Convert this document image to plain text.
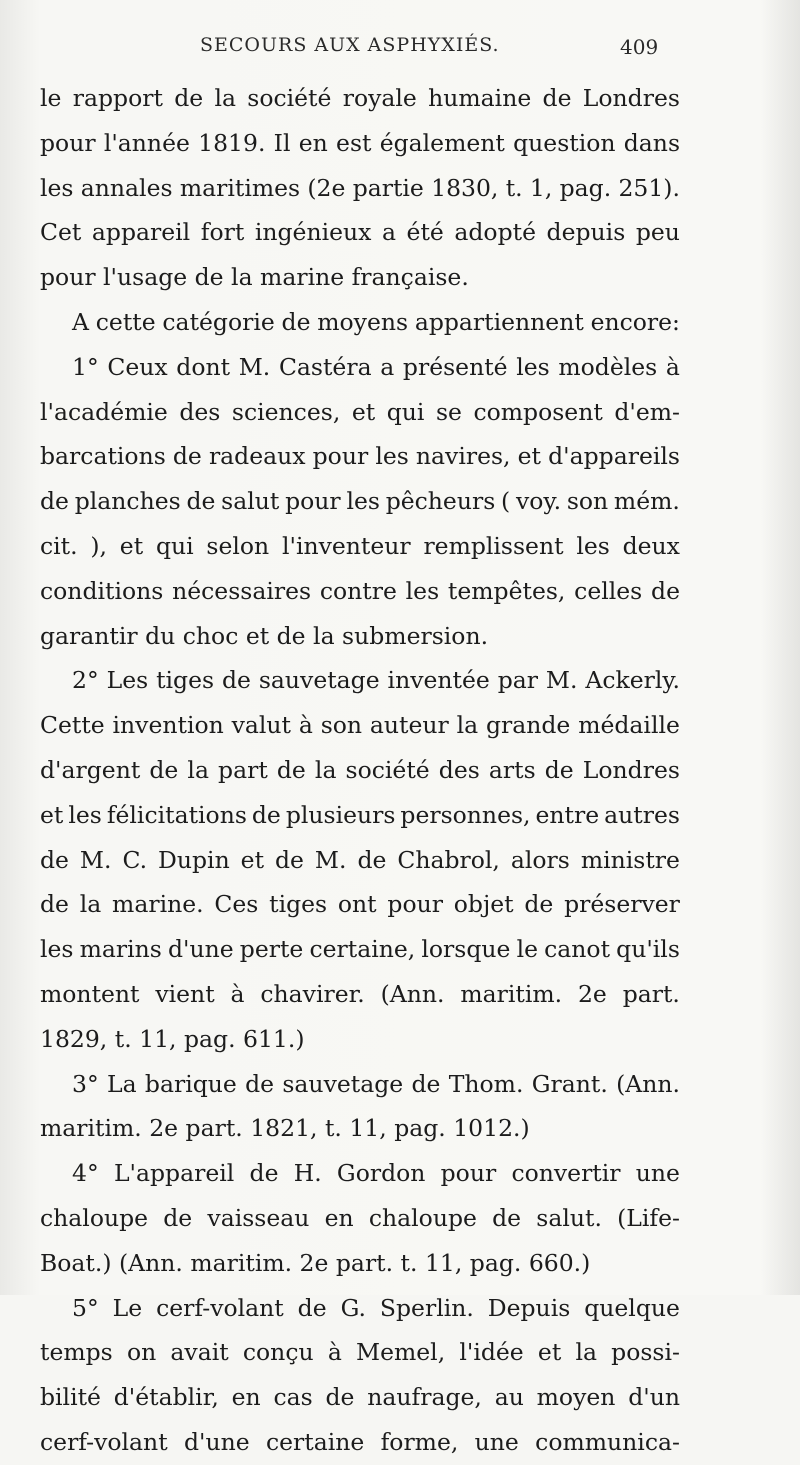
SECOURS AUX ASPHYXIÉS.	409
le rapport de la société royale humaine de Londres
pour l'année 1819. Il en est également question dans
les annales maritimes (2e partie 1830, t. 1, pag. 251).
Cet appareil fort ingénieux a été adopté depuis peu
pour l'usage de la marine française.
A cette catégorie de moyens appartiennent encore:
1° Ceux dont M. Castéra a présenté les modèles à
l'académie des sciences, et qui se composent d'em-
barcations de radeaux pour les navires, et d'appareils
de planches de salut pour les pêcheurs ( voy. son mém.
cit. ), et qui selon l'inventeur remplissent les deux
conditions nécessaires contre les tempêtes, celles de
garantir du choc et de la submersion.
2° Les tiges de sauvetage inventée par M. Ackerly.
Cette invention valut à son auteur la grande médaille
d'argent de la part de la société des arts de Londres
et les félicitations de plusieurs personnes, entre autres
de M. C. Dupin et de M. de Chabrol, alors ministre
de la marine. Ces tiges ont pour objet de préserver
les marins d'une perte certaine, lorsque le canot qu'ils
montent vient à chavirer. (Ann. maritim. 2e part.
1829, t. 11, pag. 611.)
3° La barique de sauvetage de Thom. Grant. (Ann.
maritim. 2e part. 1821, t. 11, pag. 1012.)
4° L'appareil de H. Gordon pour convertir une
chaloupe de vaisseau en chaloupe de salut. (Life-
Boat.) (Ann. maritim. 2e part. t. 11, pag. 660.)
5° Le cerf-volant de G. Sperlin. Depuis quelque
temps on avait conçu à Memel, l'idée et la possi-
bilité d'établir, en cas de naufrage, au moyen d'un
cerf-volant d'une certaine forme, une communica-
